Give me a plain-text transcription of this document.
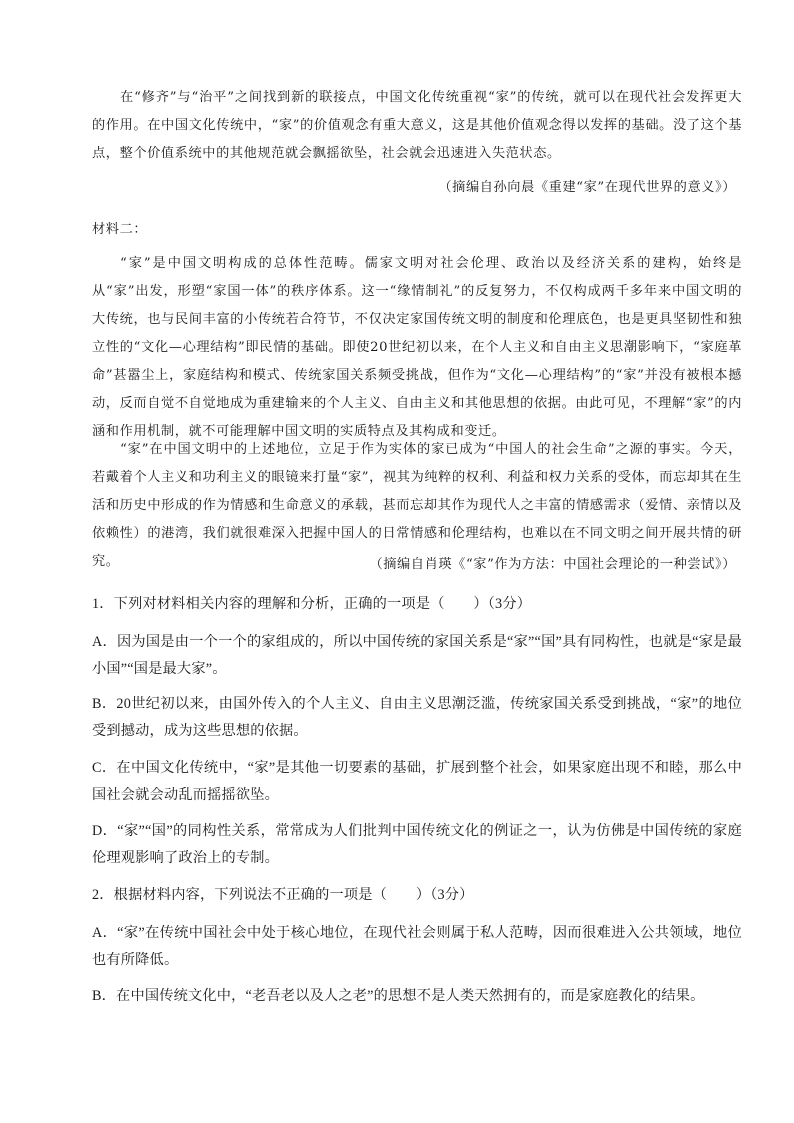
在“修齐”与“治平”之间找到新的联接点，中国文化传统重视“家”的传统，就可以在现代社会发挥更大的作用。在中国文化传统中，“家”的价值观念有重大意义，这是其他价值观念得以发挥的基础。没了这个基点，整个价值系统中的其他规范就会飘摇欲坠，社会就会迅速进入失范状态。

（摘编自孙向晨《重建“家”在现代世界的意义》）

材料二：

“家”是中国文明构成的总体性范畴。儒家文明对社会伦理、政治以及经济关系的建构，始终是从“家”出发，形塑“家国一体”的秩序体系。这一“缘情制礼”的反复努力，不仅构成两千多年来中国文明的大传统，也与民间丰富的小传统若合符节，不仅决定家国传统文明的制度和伦理底色，也是更具坚韧性和独立性的“文化—心理结构”即民情的基础。即使20世纪初以来，在个人主义和自由主义思潮影响下，“家庭革命”甚嚣尘上，家庭结构和模式、传统家国关系频受挑战，但作为“文化—心理结构”的“家”并没有被根本撼动，反而自觉不自觉地成为重建输来的个人主义、自由主义和其他思想的依据。由此可见，不理解“家”的内涵和作用机制，就不可能理解中国文明的实质特点及其构成和变迁。

“家”在中国文明中的上述地位，立足于作为实体的家已成为“中国人的社会生命”之源的事实。今天，若戴着个人主义和功利主义的眼镜来打量“家”，视其为纯粹的权利、利益和权力关系的受体，而忘却其在生活和历史中形成的作为情感和生命意义的承载，甚而忘却其作为现代人之丰富的情感需求（爱情、亲情以及依赖性）的港湾，我们就很难深入把握中国人的日常情感和伦理结构，也难以在不同文明之间开展共情的研究。	（摘编自肖瑛《“家”作为方法：中国社会理论的一种尝试》）

1．下列对材料相关内容的理解和分析，正确的一项是（　　）（3分）

A．因为国是由一个一个的家组成的，所以中国传统的家国关系是“家”“国”具有同构性，也就是“家是最小国”“国是最大家”。

B．20世纪初以来，由国外传入的个人主义、自由主义思潮泛滥，传统家国关系受到挑战，“家”的地位受到撼动，成为这些思想的依据。

C．在中国文化传统中，“家”是其他一切要素的基础，扩展到整个社会，如果家庭出现不和睦，那么中国社会就会动乱而摇摇欲坠。

D．“家”“国”的同构性关系，常常成为人们批判中国传统文化的例证之一，认为仿佛是中国传统的家庭伦理观影响了政治上的专制。

2．根据材料内容，下列说法不正确的一项是（　　）（3分）

A．“家”在传统中国社会中处于核心地位，在现代社会则属于私人范畴，因而很难进入公共领域，地位也有所降低。

B．在中国传统文化中，“老吾老以及人之老”的思想不是人类天然拥有的，而是家庭教化的结果。
